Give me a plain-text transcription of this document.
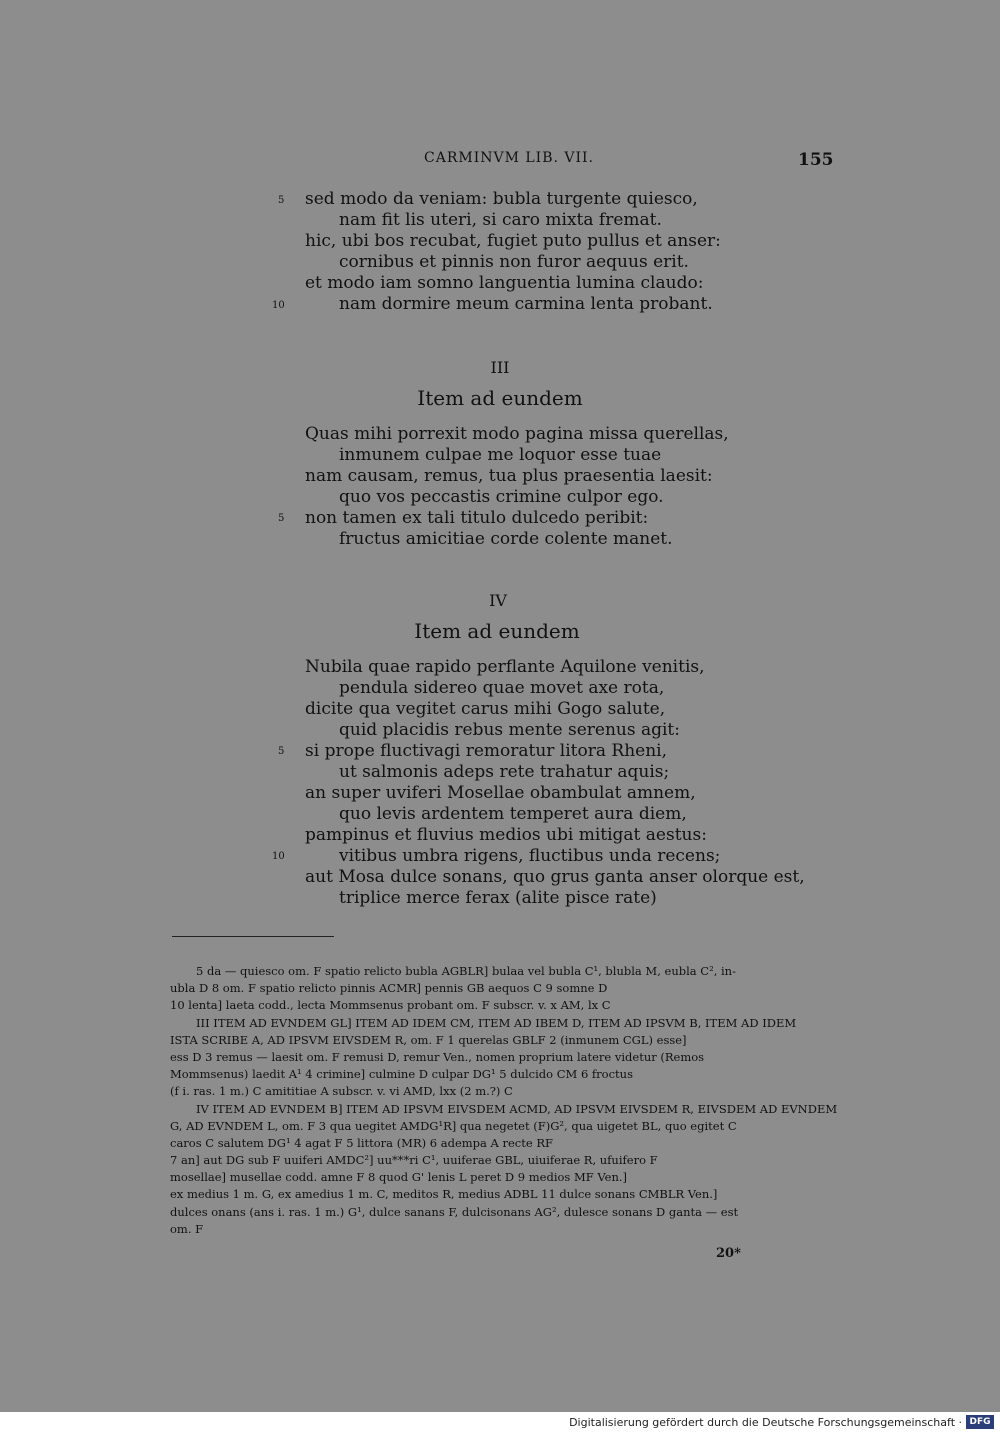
CARMINVM LIB. VII.	155
5 sed modo da veniam: bubla turgente quiesco,
nam fit lis uteri, si caro mixta fremat.
hic, ubi bos recubat, fugiet puto pullus et anser:
cornibus et pinnis non furor aequus erit.
et modo iam somno languentia lumina claudo:
10	nam dormire meum carmina lenta probant.
III
Item ad eundem
Quas mihi porrexit modo pagina missa querellas,
inmunem culpae me loquor esse tuae
nam causam, remus, tua plus praesentia laesit:
quo vos peccastis crimine culpor ego.
5 non tamen ex tali titulo dulcedo peribit:
fructus amicitiae corde colente manet.
IV
Item ad eundem
Nubila quae rapido perflante Aquilone venitis,
pendula sidereo quae movet axe rota,
dicite qua vegitet carus mihi Gogo salute,
quid placidis rebus mente serenus agit:
5 si prope fluctivagi remoratur litora Rheni,
ut salmonis adeps rete trahatur aquis;
an super uviferi Mosellae obambulat amnem,
quo levis ardentem temperet aura diem,
pampinus et fluvius medios ubi mitigat aestus:
10	vitibus umbra rigens, fluctibus unda recens;
aut Mosa dulce sonans, quo grus ganta anser olorque est,
triplice merce ferax (alite pisce rate)
5 da — quiesco om. F spatio relicto bubla AGBLR] bulaa vel bubla C¹, blubla M, eubla C², in-
ubla D 8 om. F spatio relicto pinnis ACMR] pennis GB aequos C 9 somne D
10 lenta] laeta codd., lecta Mommsenus probant om. F subscr. v. x AM, lx C
III ITEM AD EVNDEM GL] ITEM AD IDEM CM, ITEM AD IBEM D, ITEM AD IPSVM B, ITEM AD IDEM
ISTA SCRIBE A, AD IPSVM EIVSDEM R, om. F 1 querelas GBLF 2 (inmunem CGL) esse]
ess D 3 remus — laesit om. F remusi D, remur Ven., nomen proprium latere videtur (Remos
Mommsenus) laedit A¹ 4 crimine] culmine D culpar DG¹ 5 dulcido CM 6 froctus
(f i. ras. 1 m.) C amititiae A subscr. v. vi AMD, lxx (2 m.?) C
IV ITEM AD EVNDEM B] ITEM AD IPSVM EIVSDEM ACMD, AD IPSVM EIVSDEM R, EIVSDEM AD EVNDEM
G, AD EVNDEM L, om. F 3 qua uegitet AMDG¹R] qua negetet (F)G², qua uigetet BL, quo egitet C
caros C salutem DG¹ 4 agat F 5 littora (MR) 6 adempa A recte RF
7 an] aut DG sub F uuiferi AMDC²] uu***ri C¹, uuiferae GBL, uiuiferae R, ufuifero F
mosellae] musellae codd. amne F 8 quod G' lenis L peret D 9 medios MF Ven.]
ex medius 1 m. G, ex amedius 1 m. C, meditos R, medius ADBL 11 dulce sonans CMBLR Ven.]
dulces onans (ans i. ras. 1 m.) G¹, dulce sanans F, dulcisonans AG², dulesce sonans D ganta — est
om. F
20*
Digitalisierung gefördert durch die Deutsche Forschungsgemeinschaft · DFG
